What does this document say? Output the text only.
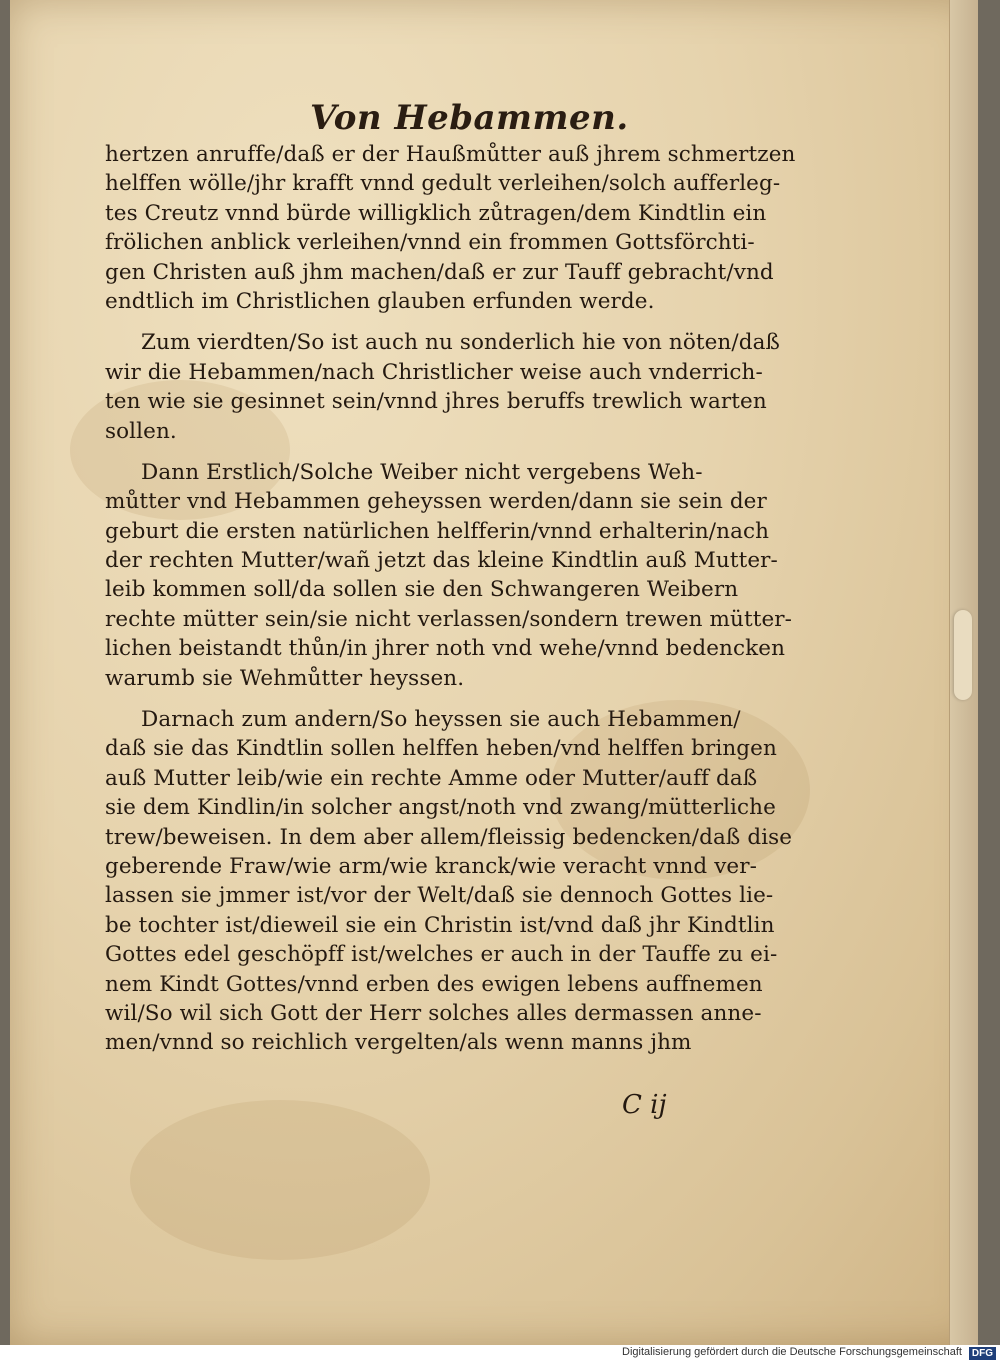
Von Hebammen.
hertzen anruffe/daß er der Haußmůtter auß jhrem schmertzen
helffen wölle/jhr krafft vnnd gedult verleihen/solch aufferleg-
tes Creutz vnnd bürde willigklich zůtragen/dem Kindtlin ein
frölichen anblick verleihen/vnnd ein frommen Gottsförchti-
gen Christen auß jhm machen/daß er zur Tauff gebracht/vnd
endtlich im Christlichen glauben erfunden werde.
Zum vierdten/So ist auch nu sonderlich hie von nöten/daß
wir die Hebammen/nach Christlicher weise auch vnderrich-
ten wie sie gesinnet sein/vnnd jhres beruffs trewlich warten
sollen.
Dann Erstlich/Solche Weiber nicht vergebens Weh-
můtter vnd Hebammen geheyssen werden/dann sie sein der
geburt die ersten natürlichen helfferin/vnnd erhalterin/nach
der rechten Mutter/wañ jetzt das kleine Kindtlin auß Mutter-
leib kommen soll/da sollen sie den Schwangeren Weibern
rechte mütter sein/sie nicht verlassen/sondern trewen mütter-
lichen beistandt thůn/in jhrer noth vnd wehe/vnnd bedencken
warumb sie Wehmůtter heyssen.
Darnach zum andern/So heyssen sie auch Hebammen/
daß sie das Kindtlin sollen helffen heben/vnd helffen bringen
auß Mutter leib/wie ein rechte Amme oder Mutter/auff daß
sie dem Kindlin/in solcher angst/noth vnd zwang/mütterliche
trew/beweisen. In dem aber allem/fleissig bedencken/daß dise
geberende Fraw/wie arm/wie kranck/wie veracht vnnd ver-
lassen sie jmmer ist/vor der Welt/daß sie dennoch Gottes lie-
be tochter ist/dieweil sie ein Christin ist/vnd daß jhr Kindtlin
Gottes edel geschöpff ist/welches er auch in der Tauffe zu ei-
nem Kindt Gottes/vnnd erben des ewigen lebens auffnemen
wil/So wil sich Gott der Herr solches alles dermassen anne-
men/vnnd so reichlich vergelten/als wenn manns jhm
C ij
Digitalisierung gefördert durch die Deutsche Forschungsgemeinschaft DFG
